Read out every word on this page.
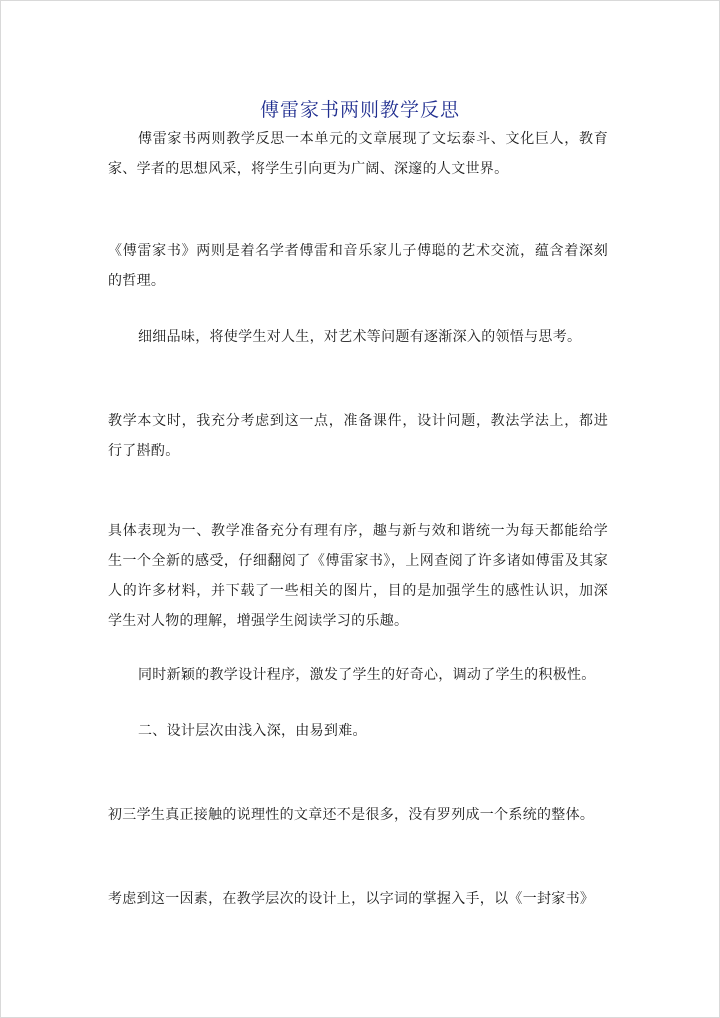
傅雷家书两则教学反思
傅雷家书两则教学反思一本单元的文章展现了文坛泰斗、文化巨人，教育家、学者的思想风采，将学生引向更为广阔、深邃的人文世界。
《傅雷家书》两则是着名学者傅雷和音乐家儿子傅聪的艺术交流，蕴含着深刻的哲理。
细细品味，将使学生对人生，对艺术等问题有逐渐深入的领悟与思考。
教学本文时，我充分考虑到这一点，准备课件，设计问题，教法学法上，都进行了斟酌。
具体表现为一、教学准备充分有理有序，趣与新与效和谐统一为每天都能给学生一个全新的感受，仔细翻阅了《傅雷家书》，上网查阅了许多诸如傅雷及其家人的许多材料，并下载了一些相关的图片，目的是加强学生的感性认识，加深学生对人物的理解，增强学生阅读学习的乐趣。
同时新颖的教学设计程序，激发了学生的好奇心，调动了学生的积极性。
二、设计层次由浅入深，由易到难。
初三学生真正接触的说理性的文章还不是很多，没有罗列成一个系统的整体。
考虑到这一因素，在教学层次的设计上，以字词的掌握入手，以《一封家书》
